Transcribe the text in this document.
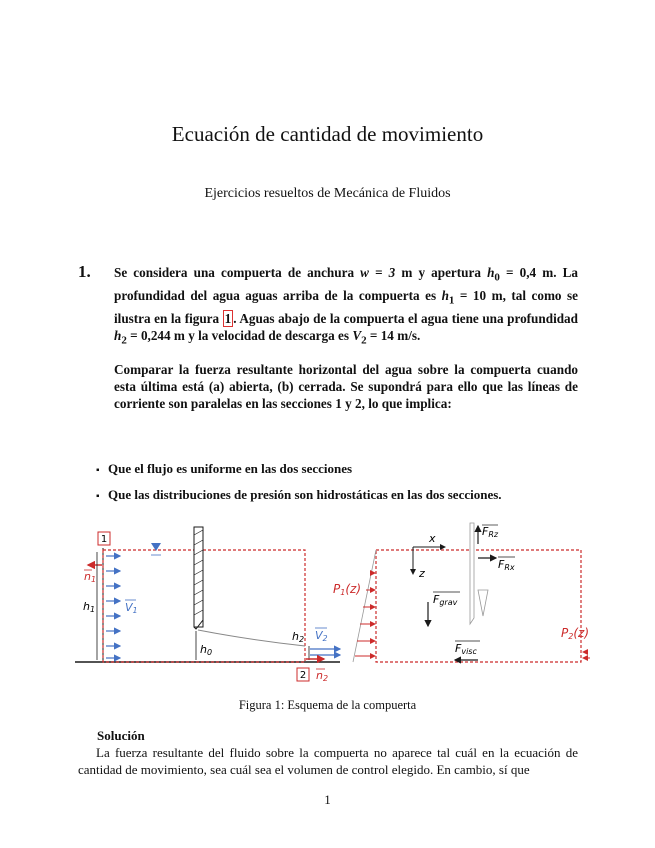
Ecuación de cantidad de movimiento
Ejercicios resueltos de Mecánica de Fluidos
1. Se considera una compuerta de anchura w = 3 m y apertura $h_0 = 0,4$ m. La profundidad del agua aguas arriba de la compuerta es $h_1 = 10$ m, tal como se ilustra en la figura 1 . Aguas abajo de la compuerta el agua tiene una profundidad $h_2 = 0,244$ m y la velocidad de descarga es $V_2 = 14$ m/s.
Comparar la fuerza resultante horizontal del agua sobre la compuerta cuando esta última está (a) abierta, (b) cerrada. Se supondrá para ello que las líneas de corriente son paralelas en las secciones 1 y 2, lo que implica:
▪ Que el flujo es uniforme en las dos secciones
▪ Que las distribuciones de presión son hidrostáticas en las dos secciones.
1
2
n1
h1	V1
h0
h2 V2
n2
P1(z)
x
z
FRz
FRx
Fgrav
Fvisc
P2(z)
Figura 1: Esquema de la compuerta
Solución
La fuerza resultante del fluido sobre la compuerta no aparece tal cuál en la ecuación de cantidad de movimiento, sea cuál sea el volumen de control elegido. En cambio, sí que
1
